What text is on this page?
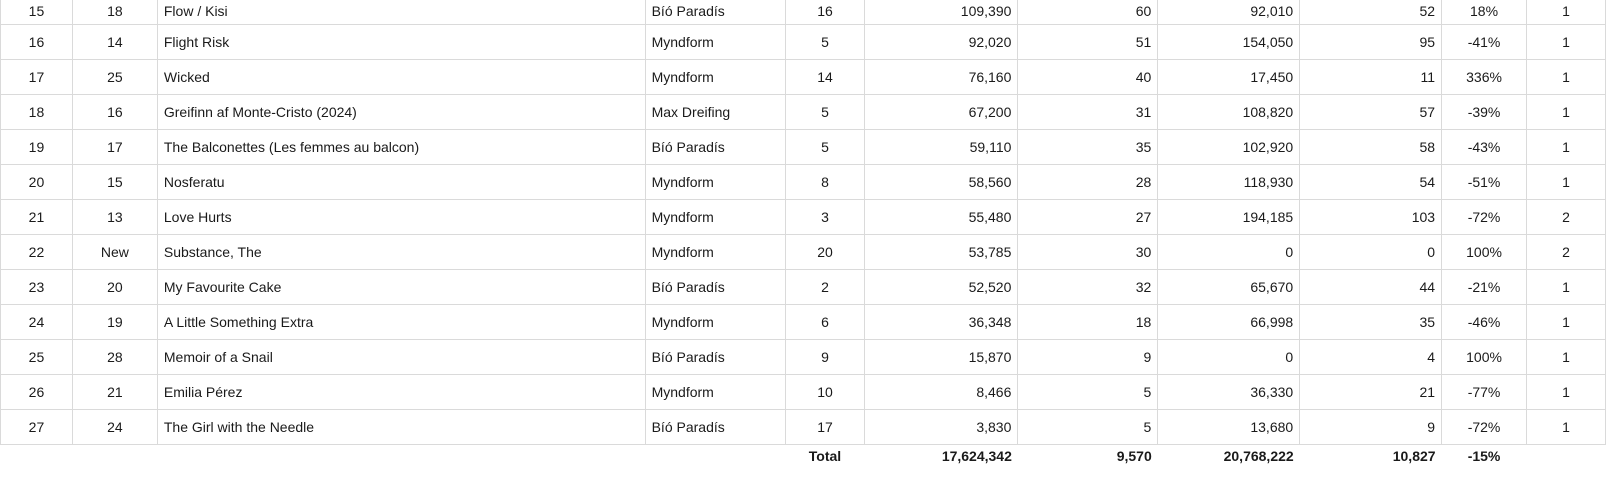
15	18	Flow / Kisi	Bíó Paradís	16	109,390	60	92,010	52	18%	1
16	14	Flight Risk	Myndform	5	92,020	51	154,050	95	-41%	1
17	25	Wicked	Myndform	14	76,160	40	17,450	11	336%	1
18	16	Greifinn af Monte-Cristo (2024)	Max Dreifing	5	67,200	31	108,820	57	-39%	1
19	17	The Balconettes (Les femmes au balcon)	Bíó Paradís	5	59,110	35	102,920	58	-43%	1
20	15	Nosferatu	Myndform	8	58,560	28	118,930	54	-51%	1
21	13	Love Hurts	Myndform	3	55,480	27	194,185	103	-72%	2
22	New	Substance, The	Myndform	20	53,785	30	0	0	100%	2
23	20	My Favourite Cake	Bíó Paradís	2	52,520	32	65,670	44	-21%	1
24	19	A Little Something Extra	Myndform	6	36,348	18	66,998	35	-46%	1
25	28	Memoir of a Snail	Bíó Paradís	9	15,870	9	0	4	100%	1
26	21	Emilia Pérez	Myndform	10	8,466	5	36,330	21	-77%	1
27	24	The Girl with the Needle	Bíó Paradís	17	3,830	5	13,680	9	-72%	1
				Total	17,624,342	9,570	20,768,222	10,827	-15%	
